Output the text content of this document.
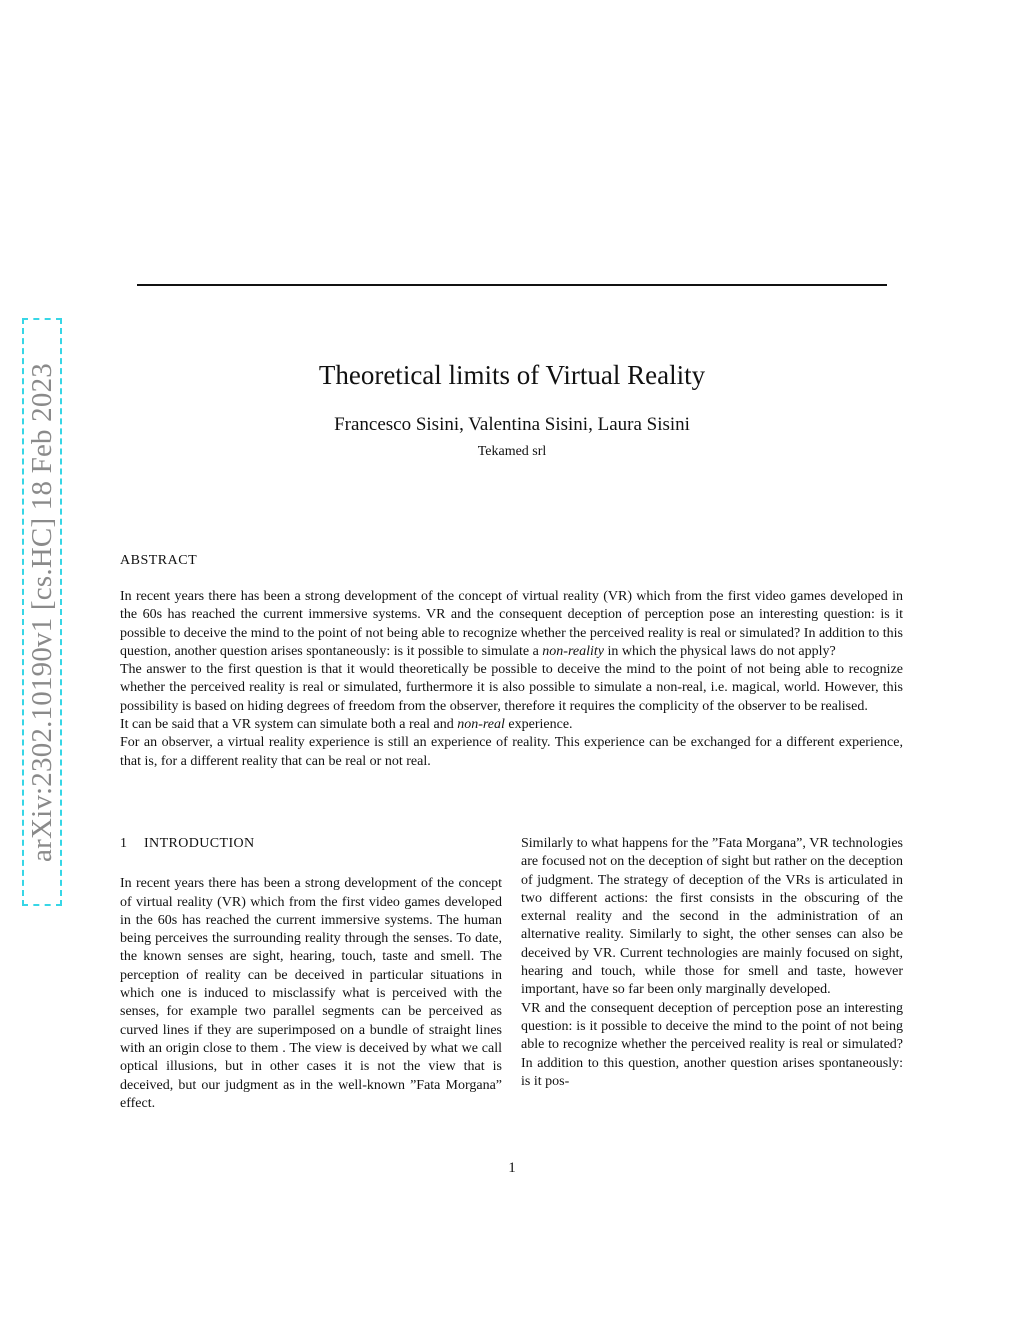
arXiv:2302.10190v1 [cs.HC] 18 Feb 2023	Theoretical limits of Virtual Reality
Francesco Sisini, Valentina Sisini, Laura Sisini
Tekamed srl
ABSTRACT

In recent years there has been a strong development of the concept of virtual reality (VR) which from the first video games developed in the 60s has reached the current immersive systems. VR and the consequent deception of perception pose an interesting question: is it possible to deceive the mind to the point of not being able to recognize whether the perceived reality is real or simulated? In addition to this question, another question arises spontaneously: is it possible to simulate a non-reality in which the physical laws do not apply?

The answer to the first question is that it would theoretically be possible to deceive the mind to the point of not being able to recognize whether the perceived reality is real or simulated, furthermore it is also possible to simulate a non-real, i.e. magical, world. However, this possibility is based on hiding degrees of freedom from the observer, therefore it requires the complicity of the observer to be realised.

It can be said that a VR system can simulate both a real and non-real experience.

For an observer, a virtual reality experience is still an experience of reality. This experience can be exchanged for a different experience, that is, for a different reality that can be real or not real.

1 INTRODUCTION

In recent years there has been a strong development of the concept of virtual reality (VR) which from the first video games developed in the 60s has reached the current immersive systems. The human being perceives the surrounding reality through the senses. To date, the known senses are sight, hearing, touch, taste and smell. The perception of reality can be deceived in particular situations in which one is induced to misclassify what is perceived with the senses, for example two parallel segments can be perceived as curved lines if they are superimposed on a bundle of straight lines with an origin close to them . The view is deceived by what we call optical illusions, but in other cases it is not the view that is deceived, but our judgment as in the well-known ”Fata Morgana” effect.

Similarly to what happens for the ”Fata Morgana”, VR technologies are focused not on the deception of sight but rather on the deception of judgment. The strategy of deception of the VRs is articulated in two different actions: the first consists in the obscuring of the external reality and the second in the administration of an alternative reality. Similarly to sight, the other senses can also be deceived by VR. Current technologies are mainly focused on sight, hearing and touch, while those for smell and taste, however important, have so far been only marginally developed.

VR and the consequent deception of perception pose an interesting question: is it possible to deceive the mind to the point of not being able to recognize whether the perceived reality is real or simulated? In addition to this question, another question arises spontaneously: is it pos-

1
